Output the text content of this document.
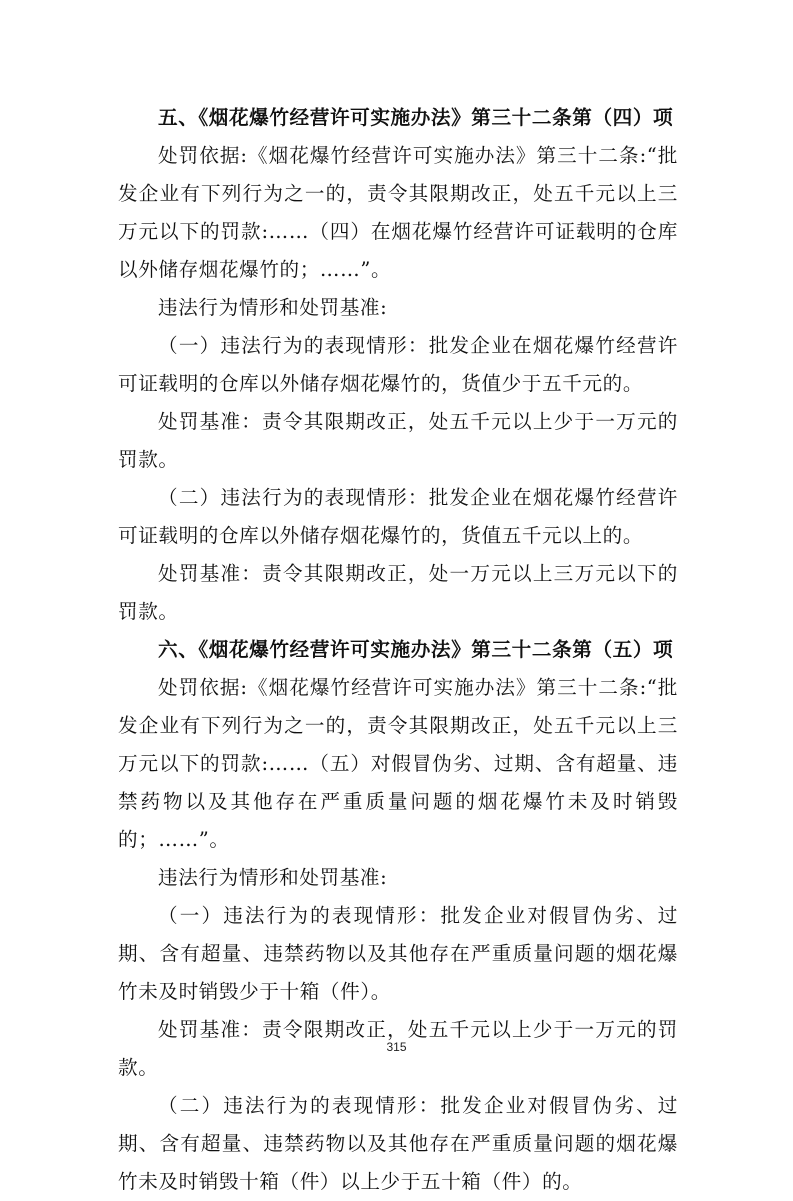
五、《烟花爆竹经营许可实施办法》第三十二条第（四）项

处罚依据:《烟花爆竹经营许可实施办法》第三十二条:“批发企业有下列行为之一的，责令其限期改正，处五千元以上三万元以下的罚款:……（四）在烟花爆竹经营许可证载明的仓库以外储存烟花爆竹的；……”。

违法行为情形和处罚基准:

（一）违法行为的表现情形：批发企业在烟花爆竹经营许可证载明的仓库以外储存烟花爆竹的，货值少于五千元的。

处罚基准：责令其限期改正，处五千元以上少于一万元的罚款。

（二）违法行为的表现情形：批发企业在烟花爆竹经营许可证载明的仓库以外储存烟花爆竹的，货值五千元以上的。

处罚基准：责令其限期改正，处一万元以上三万元以下的罚款。

六、《烟花爆竹经营许可实施办法》第三十二条第（五）项

处罚依据:《烟花爆竹经营许可实施办法》第三十二条:“批发企业有下列行为之一的，责令其限期改正，处五千元以上三万元以下的罚款:……（五）对假冒伪劣、过期、含有超量、违禁药物以及其他存在严重质量问题的烟花爆竹未及时销毁的；……”。

违法行为情形和处罚基准:

（一）违法行为的表现情形：批发企业对假冒伪劣、过期、含有超量、违禁药物以及其他存在严重质量问题的烟花爆竹未及时销毁少于十箱（件）。

处罚基准：责令限期改正，处五千元以上少于一万元的罚款。

（二）违法行为的表现情形：批发企业对假冒伪劣、过期、含有超量、违禁药物以及其他存在严重质量问题的烟花爆竹未及时销毁十箱（件）以上少于五十箱（件）的。

315
